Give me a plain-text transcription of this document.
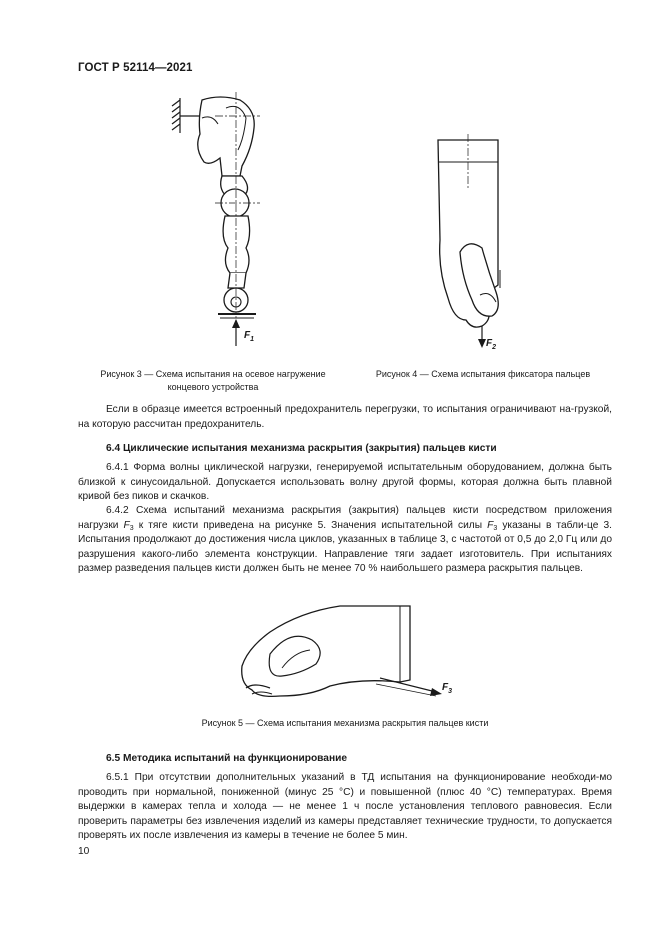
ГОСТ Р 52114—2021
$F_1$
Рисунок 3 — Схема испытания на осевое нагружение
концевого устройства
$F_2$
Рисунок 4 — Схема испытания фиксатора пальцев

Если в образце имеется встроенный предохранитель перегрузки, то испытания ограничивают на-грузкой, на которую рассчитан предохранитель.

6.4 Циклические испытания механизма раскрытия (закрытия) пальцев кисти

6.4.1 Форма волны циклической нагрузки, генерируемой испытательным оборудованием, должна быть близкой к синусоидальной. Допускается использовать волну другой формы, которая должна быть плавной кривой без пиков и скачков.

6.4.2 Схема испытаний механизма раскрытия (закрытия) пальцев кисти посредством приложения нагрузки $F_3$ к тяге кисти приведена на рисунке 5. Значения испытательной силы $F_3$ указаны в табли-це 3. Испытания продолжают до достижения числа циклов, указанных в таблице 3, с частотой от 0,5 до 2,0 Гц или до разрушения какого-либо элемента конструкции. Направление тяги задает изготовитель. При испытаниях размер разведения пальцев кисти должен быть не менее 70 % наибольшего размера раскрытия пальцев.

$F_3$
Рисунок 5 — Схема испытания механизма раскрытия пальцев кисти
6.5 Методика испытаний на функционирование

6.5.1 При отсутствии дополнительных указаний в ТД испытания на функционирование необходи-мо проводить при нормальной, пониженной (минус 25 °С) и повышенной (плюс 40 °С) температурах. Время выдержки в камерах тепла и холода — не менее 1 ч после установления теплового равновесия. Если проверить параметры без извлечения изделий из камеры представляет технические трудности, то допускается проверять их после извлечения из камеры в течение не более 5 мин.

10
